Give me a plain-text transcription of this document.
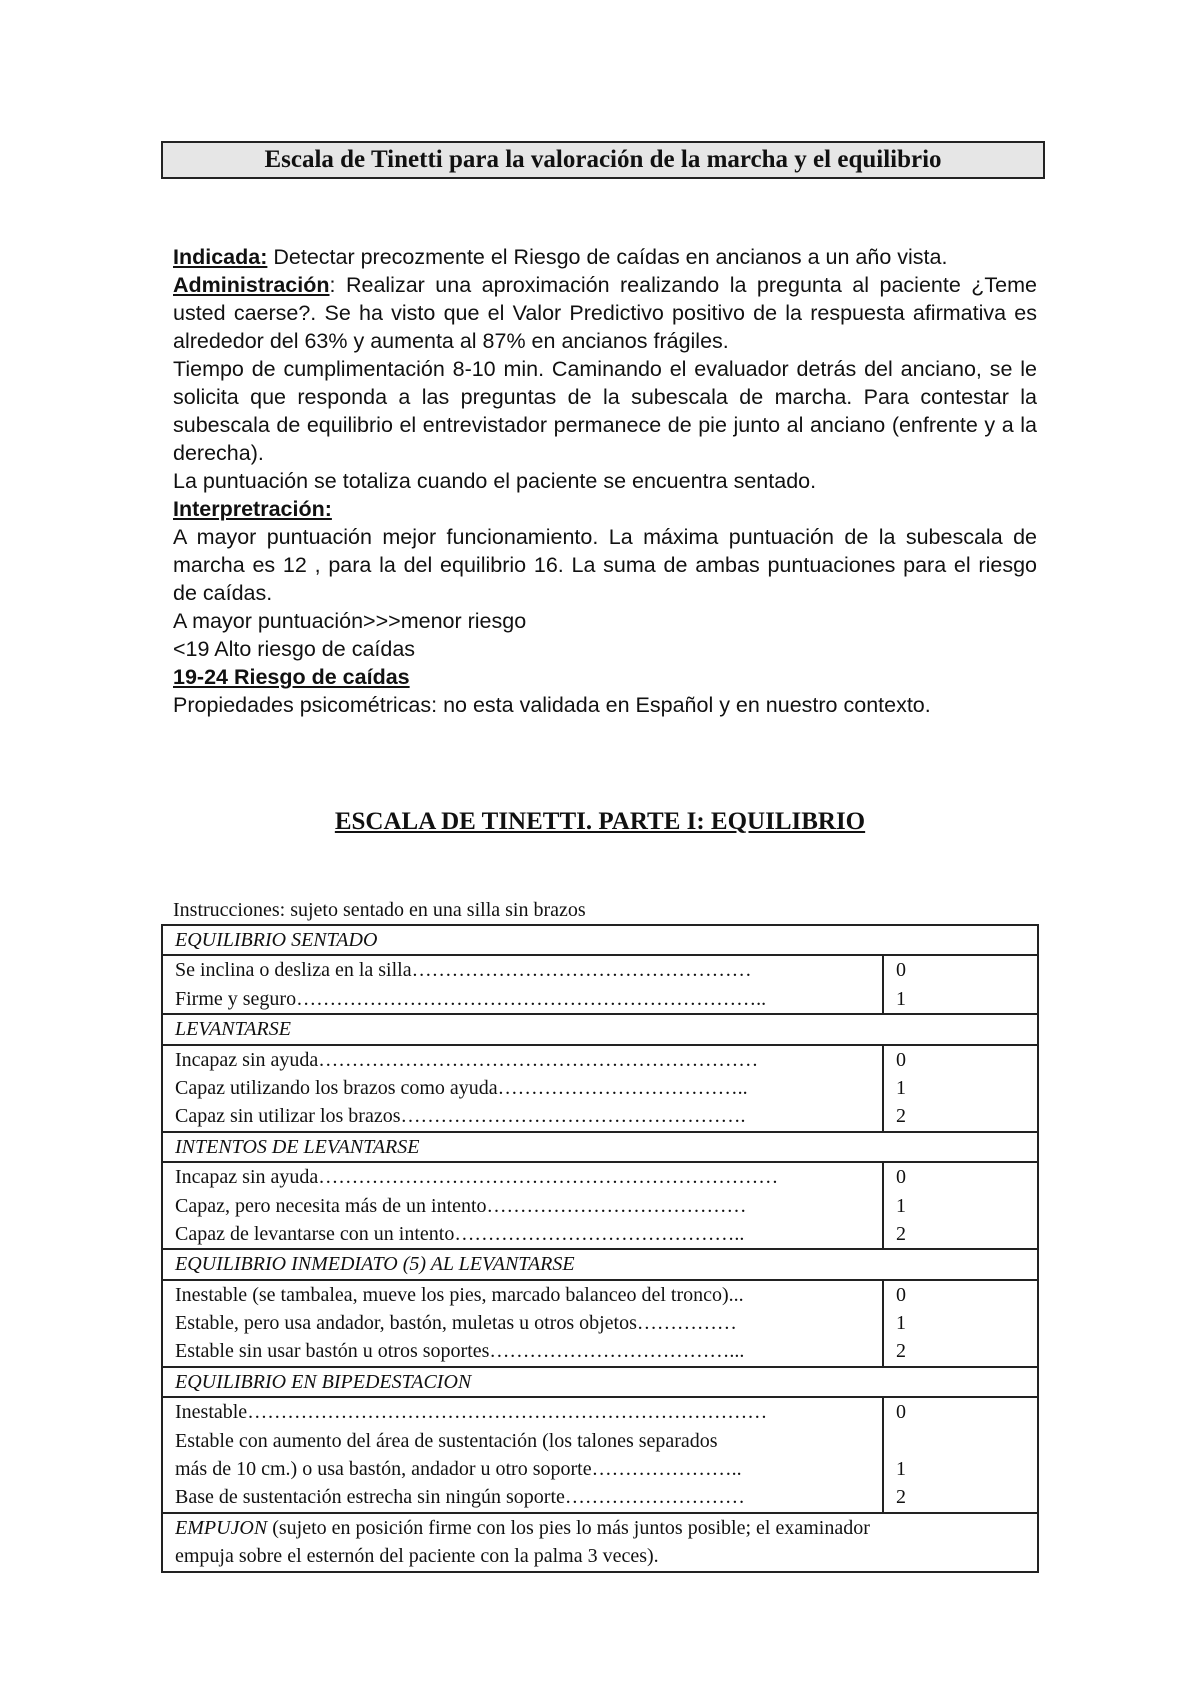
Escala de Tinetti para la valoración de la marcha y el equilibrio

Indicada: Detectar precozmente el Riesgo de caídas en ancianos a un año vista.

Administración: Realizar una aproximación realizando la pregunta al paciente ¿Teme usted caerse?. Se ha visto que el Valor Predictivo positivo de la respuesta afirmativa es alrededor del 63% y aumenta al 87% en ancianos frágiles.

Tiempo de cumplimentación 8-10 min. Caminando el evaluador detrás del anciano, se le solicita que responda a las preguntas de la subescala de marcha. Para contestar la subescala de equilibrio el entrevistador permanece de pie junto al anciano (enfrente y a la derecha).

La puntuación se totaliza cuando el paciente se encuentra sentado.

Interpretración:

A mayor puntuación mejor funcionamiento. La máxima puntuación de la subescala de marcha es 12 , para la del equilibrio 16. La suma de ambas puntuaciones para el riesgo de caídas.

A mayor puntuación>>>menor riesgo

<19 Alto riesgo de caídas

19-24 Riesgo de caídas

Propiedades psicométricas: no esta validada en Español y en nuestro contexto.

ESCALA DE TINETTI. PARTE I: EQUILIBRIO
Instrucciones: sujeto sentado en una silla sin brazos
EQUILIBRIO SENTADO
Se inclina o desliza en la silla……………………………………………
Firme y seguro……………………………………………………………..
0
1
LEVANTARSE
Incapaz sin ayuda…………………………………………………………
Capaz utilizando los brazos como ayuda………………………………..
Capaz sin utilizar los brazos…………………………………………….
0
1
2
INTENTOS DE LEVANTARSE
Incapaz sin ayuda……………………………………………………………
Capaz, pero necesita más de un intento…………………………………
Capaz de levantarse con un intento……………………………………..
0
1
2
EQUILIBRIO INMEDIATO (5) AL LEVANTARSE
Inestable (se tambalea, mueve los pies, marcado balanceo del tronco)...
Estable, pero usa andador, bastón, muletas u otros objetos……………
Estable sin usar bastón u otros soportes………………………………...
0
1
2
EQUILIBRIO EN BIPEDESTACION
Inestable……………………………………………………………………
Estable con aumento del área de sustentación (los talones separados
más de 10 cm.) o usa bastón, andador u otro soporte…………………..
Base de sustentación estrecha sin ningún soporte………………………
0
1
2
EMPUJON (sujeto en posición firme con los pies lo más juntos posible; el examinador
empuja sobre el esternón del paciente con la palma 3 veces).
